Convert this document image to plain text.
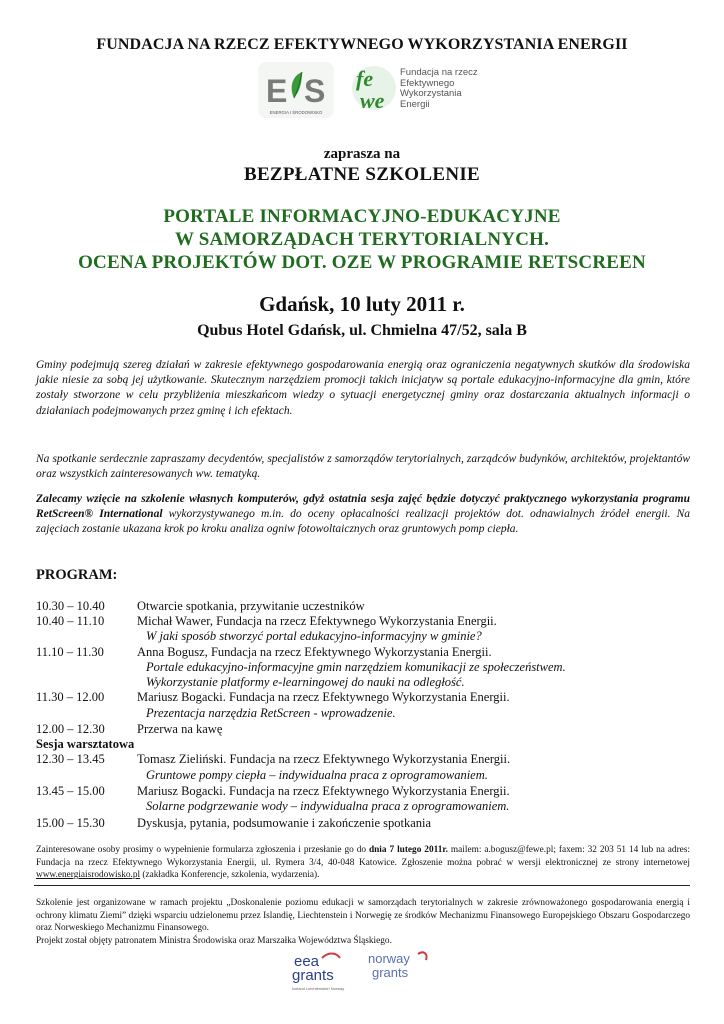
FUNDACJA NA RZECZ EFEKTYWNEGO WYKORZYSTANIA ENERGII
E S
ENERGIA I ŚRODOWISKO
fe
we
Fundacja na rzecz
Efektywnego
Wykorzystania
Energii
zaprasza na
BEZPŁATNE SZKOLENIE
PORTALE INFORMACYJNO-EDUKACYJNE
W SAMORZĄDACH TERYTORIALNYCH.
OCENA PROJEKTÓW DOT. OZE W PROGRAMIE RETSCREEN
Gdańsk, 10 luty 2011 r.
Qubus Hotel Gdańsk, ul. Chmielna 47/52, sala B
Gminy podejmują szereg działań w zakresie efektywnego gospodarowania energią oraz ograniczenia negatywnych skutków dla środowiska jakie niesie za sobą jej użytkowanie. Skutecznym narzędziem promocji takich inicjatyw są portale edukacyjno-informacyjne dla gmin, które zostały stworzone w celu przybliżenia mieszkańcom wiedzy o sytuacji energetycznej gminy oraz dostarczania aktualnych informacji o działaniach podejmowanych przez gminę i ich efektach.
Na spotkanie serdecznie zapraszamy decydentów, specjalistów z samorządów terytorialnych, zarządców budynków, architektów, projektantów oraz wszystkich zainteresowanych ww. tematyką.
Zalecamy wzięcie na szkolenie własnych komputerów, gdyż ostatnia sesja zajęć będzie dotyczyć praktycznego wykorzystania programu RetScreen® International wykorzystywanego m.in. do oceny opłacalności realizacji projektów dot. odnawialnych źródeł energii. Na zajęciach zostanie ukazana krok po kroku analiza ogniw fotowoltaicznych oraz gruntowych pomp ciepła.
PROGRAM:
10.30 – 10.40	Otwarcie spotkania, przywitanie uczestników
10.40 – 11.10	Michał Wawer, Fundacja na rzecz Efektywnego Wykorzystania Energii.
W jaki sposób stworzyć portal edukacyjno-informacyjny w gminie?
11.10 – 11.30	Anna Bogusz, Fundacja na rzecz Efektywnego Wykorzystania Energii.
Portale edukacyjno-informacyjne gmin narzędziem komunikacji ze społeczeństwem.
Wykorzystanie platformy e-learningowej do nauki na odległość.
11.30 – 12.00	Mariusz Bogacki. Fundacja na rzecz Efektywnego Wykorzystania Energii.
Prezentacja narzędzia RetScreen - wprowadzenie.
12.00 – 12.30	Przerwa na kawę
Sesja warsztatowa
12.30 – 13.45	Tomasz Zieliński. Fundacja na rzecz Efektywnego Wykorzystania Energii.
Gruntowe pompy ciepła – indywidualna praca z oprogramowaniem.
13.45 – 15.00	Mariusz Bogacki. Fundacja na rzecz Efektywnego Wykorzystania Energii.
Solarne podgrzewanie wody – indywidualna praca z oprogramowaniem.
15.00 – 15.30	Dyskusja, pytania, podsumowanie i zakończenie spotkania
Zainteresowane osoby prosimy o wypełnienie formularza zgłoszenia i przesłanie go do dnia 7 lutego 2011r. mailem: a.bogusz@fewe.pl; faxem: 32 203 51 14 lub na adres: Fundacja na rzecz Efektywnego Wykorzystania Energii, ul. Rymera 3/4, 40-048 Katowice. Zgłoszenie można pobrać w wersji elektronicznej ze strony internetowej www.energiaisrodowisko.pl (zakładka Konferencje, szkolenia, wydarzenia).
Szkolenie jest organizowane w ramach projektu „Doskonalenie poziomu edukacji w samorządach terytorialnych w zakresie zrównoważonego gospodarowania energią i ochrony klimatu Ziemi” dzięki wsparciu udzielonemu przez Islandię, Liechtenstein i Norwegię ze środków Mechanizmu Finansowego Europejskiego Obszaru Gospodarczego oraz Norweskiego Mechanizmu Finansowego.
Projekt został objęty patronatem Ministra Środowiska oraz Marszałka Województwa Śląskiego.
eea
grants
Iceland Liechtenstein Norway
norway
grants
